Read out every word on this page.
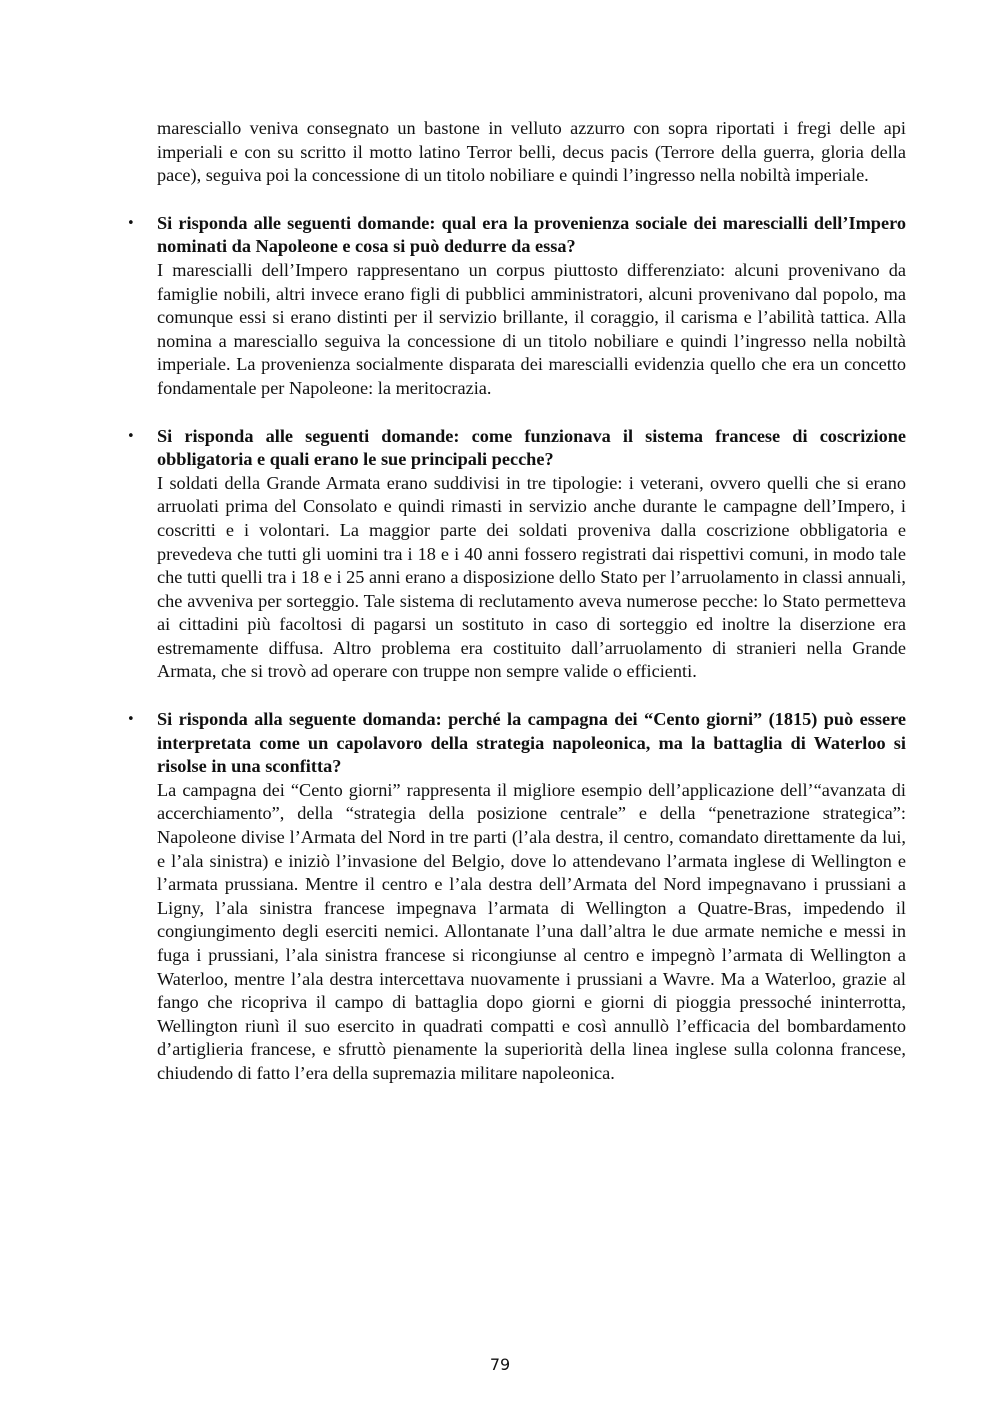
maresciallo veniva consegnato un bastone in velluto azzurro con sopra riportati i fregi delle api imperiali e con su scritto il motto latino Terror belli, decus pacis (Terrore della guerra, gloria della pace), seguiva poi la concessione di un titolo nobiliare e quindi l’ingresso nella nobiltà imperiale.

• Si risponda alle seguenti domande: qual era la provenienza sociale dei marescialli dell’Impero nominati da Napoleone e cosa si può dedurre da essa?

I marescialli dell’Impero rappresentano un corpus piuttosto differenziato: alcuni provenivano da famiglie nobili, altri invece erano figli di pubblici amministratori, alcuni provenivano dal popolo, ma comunque essi si erano distinti per il servizio brillante, il coraggio, il carisma e l’abilità tattica. Alla nomina a maresciallo seguiva la concessione di un titolo nobiliare e quindi l’ingresso nella nobiltà imperiale. La provenienza socialmente disparata dei marescialli evidenzia quello che era un concetto fondamentale per Napoleone: la meritocrazia.

• Si risponda alle seguenti domande: come funzionava il sistema francese di coscrizione obbligatoria e quali erano le sue principali pecche?

I soldati della Grande Armata erano suddivisi in tre tipologie: i veterani, ovvero quelli che si erano arruolati prima del Consolato e quindi rimasti in servizio anche durante le campagne dell’Impero, i coscritti e i volontari. La maggior parte dei soldati proveniva dalla coscrizione obbligatoria e prevedeva che tutti gli uomini tra i 18 e i 40 anni fossero registrati dai rispettivi comuni, in modo tale che tutti quelli tra i 18 e i 25 anni erano a disposizione dello Stato per l’arruolamento in classi annuali, che avveniva per sorteggio. Tale sistema di reclutamento aveva numerose pecche: lo Stato permetteva ai cittadini più facoltosi di pagarsi un sostituto in caso di sorteggio ed inoltre la diserzione era estremamente diffusa. Altro problema era costituito dall’arruolamento di stranieri nella Grande Armata, che si trovò ad operare con truppe non sempre valide o efficienti.

• Si risponda alla seguente domanda: perché la campagna dei “Cento giorni” (1815) può essere interpretata come un capolavoro della strategia napoleonica, ma la battaglia di Waterloo si risolse in una sconfitta?

La campagna dei “Cento giorni” rappresenta il migliore esempio dell’applicazione dell’“avanzata di accerchiamento”, della “strategia della posizione centrale” e della “penetrazione strategica”: Napoleone divise l’Armata del Nord in tre parti (l’ala destra, il centro, comandato direttamente da lui, e l’ala sinistra) e iniziò l’invasione del Belgio, dove lo attendevano l’armata inglese di Wellington e l’armata prussiana. Mentre il centro e l’ala destra dell’Armata del Nord impegnavano i prussiani a Ligny, l’ala sinistra francese impegnava l’armata di Wellington a Quatre-Bras, impedendo il congiungimento degli eserciti nemici. Allontanate l’una dall’altra le due armate nemiche e messi in fuga i prussiani, l’ala sinistra francese si ricongiunse al centro e impegnò l’armata di Wellington a Waterloo, mentre l’ala destra intercettava nuovamente i prussiani a Wavre. Ma a Waterloo, grazie al fango che ricopriva il campo di battaglia dopo giorni e giorni di pioggia pressoché ininterrotta, Wellington riunì il suo esercito in quadrati compatti e così annullò l’efficacia del bombardamento d’artiglieria francese, e sfruttò pienamente la superiorità della linea inglese sulla colonna francese, chiudendo di fatto l’era della supremazia militare napoleonica.

79
